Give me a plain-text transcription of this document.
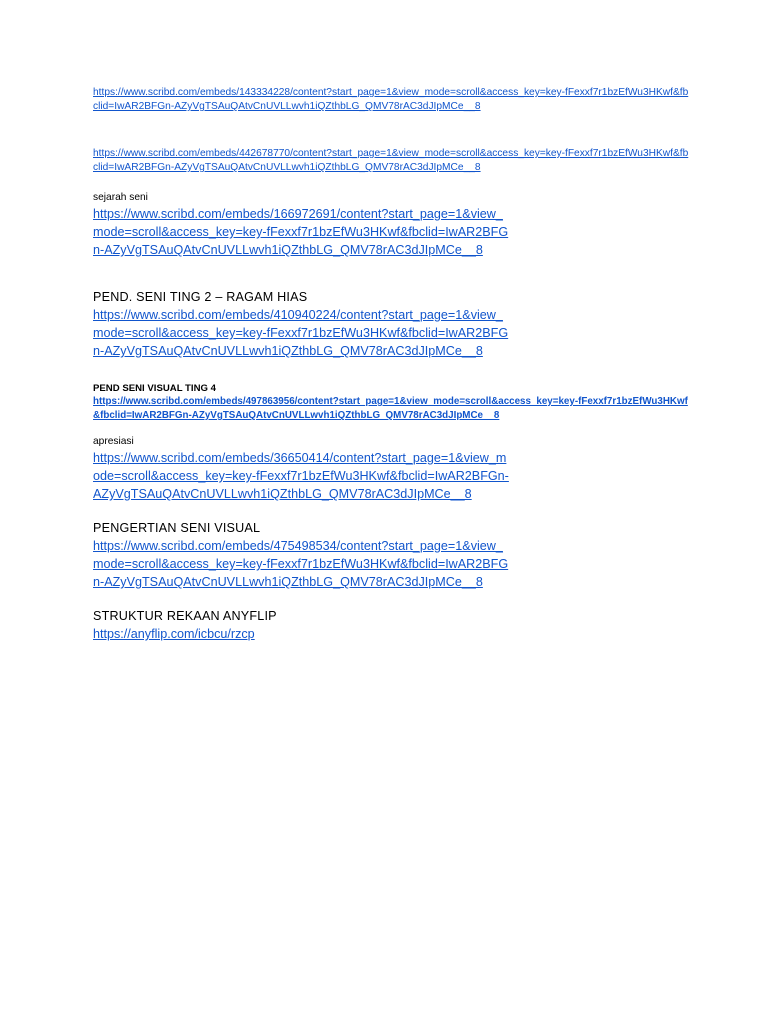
https://www.scribd.com/embeds/143334228/content?start_page=1&view_mode=scroll&access_key=key-fFexxf7r1bzEfWu3HKwf&fbclid=IwAR2BFGn-AZyVgTSAuQAtvCnUVLLwvh1iQZthbLG_QMV78rAC3dJIpMCe__8
https://www.scribd.com/embeds/442678770/content?start_page=1&view_mode=scroll&access_key=key-fFexxf7r1bzEfWu3HKwf&fbclid=IwAR2BFGn-AZyVgTSAuQAtvCnUVLLwvh1iQZthbLG_QMV78rAC3dJIpMCe__8

sejarah seni

https://www.scribd.com/embeds/166972691/content?start_page=1&view_mode=scroll&access_key=key-fFexxf7r1bzEfWu3HKwf&fbclid=IwAR2BFGn-AZyVgTSAuQAtvCnUVLLwvh1iQZthbLG_QMV78rAC3dJIpMCe__8

PEND. SENI TING 2 – RAGAM HIAS

https://www.scribd.com/embeds/410940224/content?start_page=1&view_mode=scroll&access_key=key-fFexxf7r1bzEfWu3HKwf&fbclid=IwAR2BFGn-AZyVgTSAuQAtvCnUVLLwvh1iQZthbLG_QMV78rAC3dJIpMCe__8

PEND SENI VISUAL TING 4

https://www.scribd.com/embeds/497863956/content?start_page=1&view_mode=scroll&access_key=key-fFexxf7r1bzEfWu3HKwf&fbclid=IwAR2BFGn-AZyVgTSAuQAtvCnUVLLwvh1iQZthbLG_QMV78rAC3dJIpMCe__8

apresiasi

https://www.scribd.com/embeds/36650414/content?start_page=1&view_mode=scroll&access_key=key-fFexxf7r1bzEfWu3HKwf&fbclid=IwAR2BFGn-AZyVgTSAuQAtvCnUVLLwvh1iQZthbLG_QMV78rAC3dJIpMCe__8

PENGERTIAN SENI VISUAL

https://www.scribd.com/embeds/475498534/content?start_page=1&view_mode=scroll&access_key=key-fFexxf7r1bzEfWu3HKwf&fbclid=IwAR2BFGn-AZyVgTSAuQAtvCnUVLLwvh1iQZthbLG_QMV78rAC3dJIpMCe__8

STRUKTUR REKAAN ANYFLIP

https://anyflip.com/icbcu/rzcp
